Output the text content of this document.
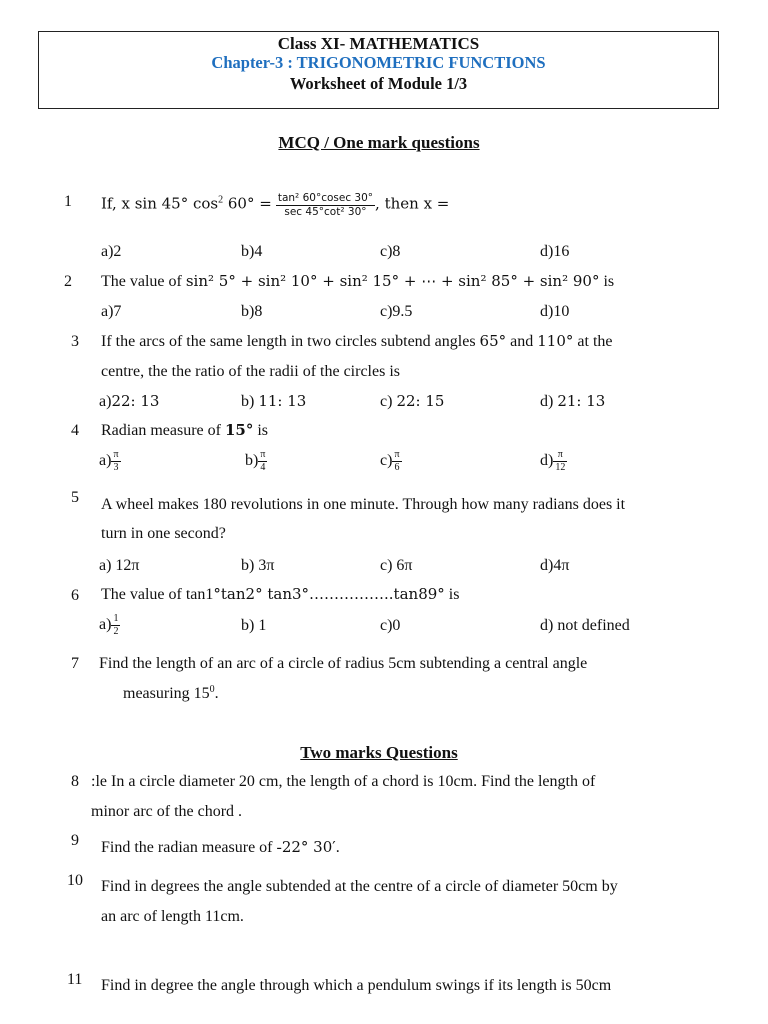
Class XI- MATHEMATICS
Chapter-3 : TRIGONOMETRIC FUNCTIONS
Worksheet of Module 1/3
MCQ / One mark questions
1 If, x sin 45° $\cos^2 60^\circ = \frac{\text{tan² 60°cosec 30°}}{\text{sec 45°cot² 30°}}$ , then x =
a)2	b)4	c)8	d)16
2 The value of sin² 5° + sin² 10° + sin² 15° + ⋯ + sin² 85° + sin² 90° is
a)7	b)8	c)9.5	d)10
3 If the arcs of the same length in two circles subtend angles 65° and 110° at the
centre, the the ratio of the radii of the circles is
a)22: 13	b) 11: 13	c) 22: 15	d) 21: 13
4 Radian measure of 15° is
$a) \frac{\pi}{3}$	$b) \frac{\pi}{4}$	$c) \frac{\pi}{6}$	$d) \frac{\pi}{12}$
5 A wheel makes 180 revolutions in one minute. Through how many radians does it
turn in one second?
a) 12π	b) 3π	c) 6π	d)4π
6 The value of tan1°tan2° tan3°……………..tan89° is
$a) \frac{1}{2}$	b) 1	c)0	d) not defined
7 Find the length of an arc of a circle of radius 5cm subtending a central angle
measuring $15^0$.
Two marks Questions
8 :le In a circle diameter 20 cm, the length of a chord is 10cm. Find the length of
minor arc of the chord .
9 Find the radian measure of -22° 30′.
10 Find in degrees the angle subtended at the centre of a circle of diameter 50cm by
an arc of length 11cm.
11 Find in degree the angle through which a pendulum swings if its length is 50cm
